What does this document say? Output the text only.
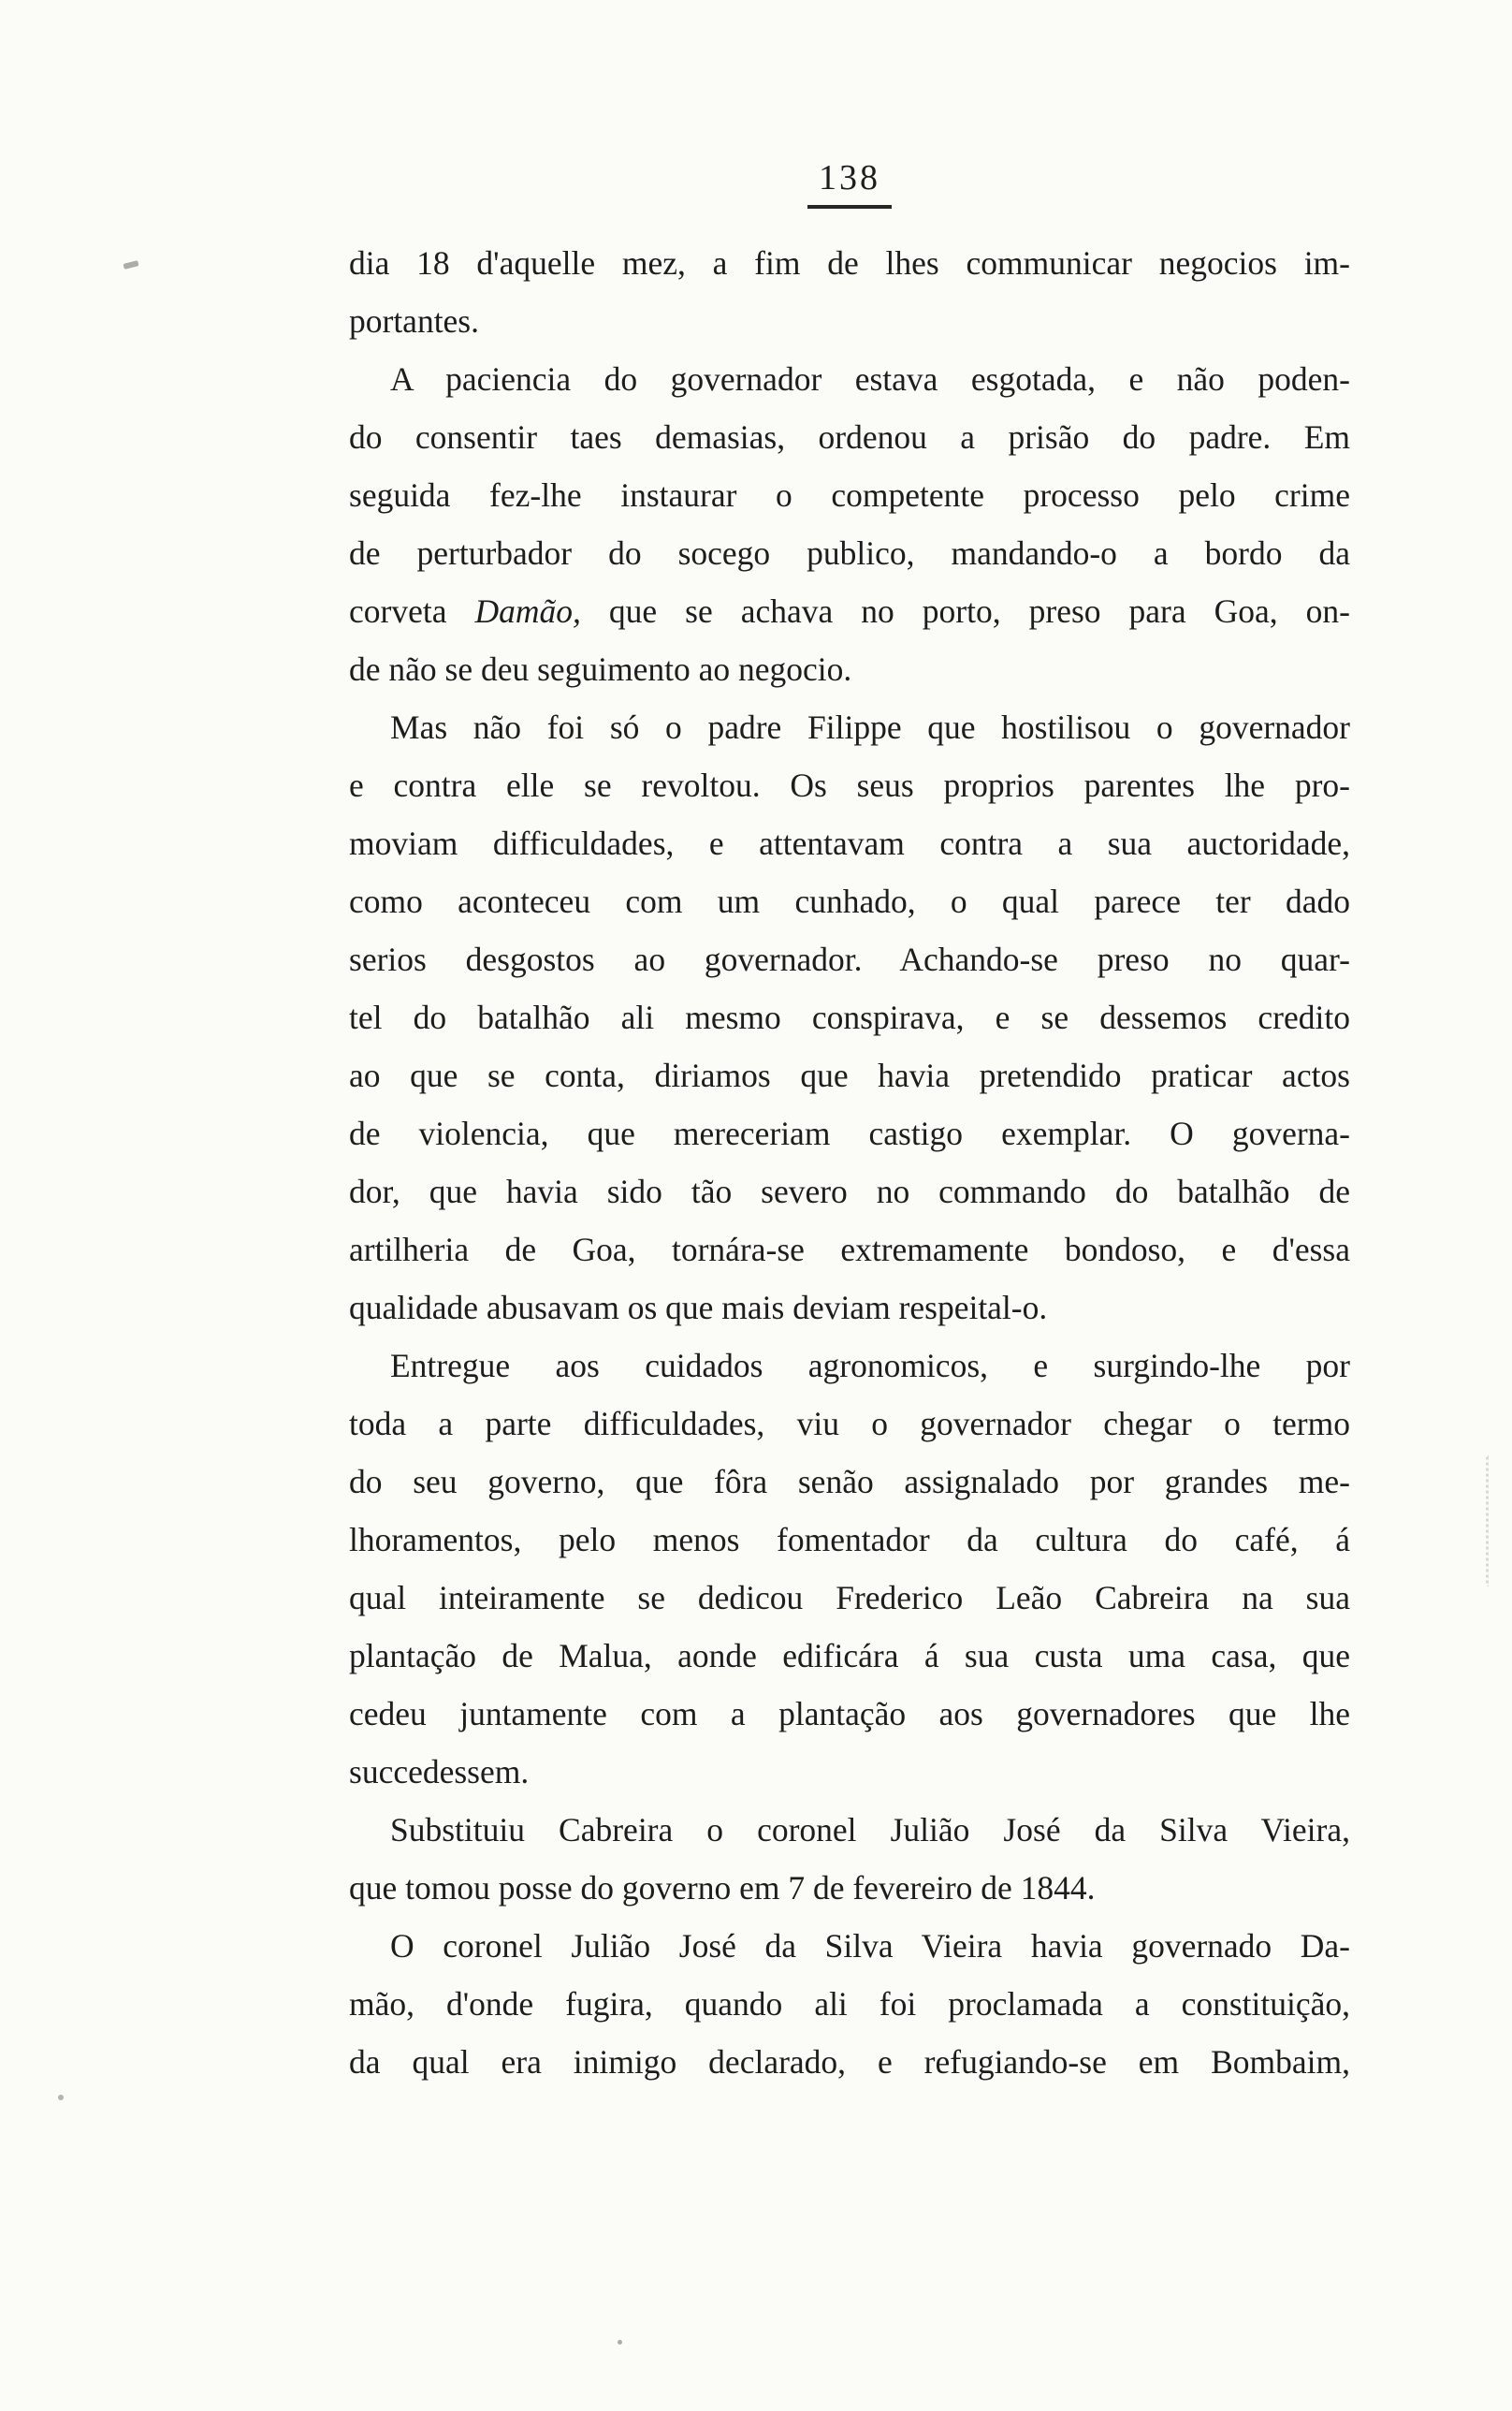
138
dia 18 d'aquelle mez, a fim de lhes communicar negocios im-
portantes.
A paciencia do governador estava esgotada, e não poden-
do consentir taes demasias, ordenou a prisão do padre. Em
seguida fez-lhe instaurar o competente processo pelo crime
de perturbador do socego publico, mandando-o a bordo da
corveta Damão, que se achava no porto, preso para Goa, on-
de não se deu seguimento ao negocio.
Mas não foi só o padre Filippe que hostilisou o governador
e contra elle se revoltou. Os seus proprios parentes lhe pro-
moviam difficuldades, e attentavam contra a sua auctoridade,
como aconteceu com um cunhado, o qual parece ter dado
serios desgostos ao governador. Achando-se preso no quar-
tel do batalhão ali mesmo conspirava, e se dessemos credito
ao que se conta, diriamos que havia pretendido praticar actos
de violencia, que mereceriam castigo exemplar. O governa-
dor, que havia sido tão severo no commando do batalhão de
artilheria de Goa, tornára-se extremamente bondoso, e d'essa
qualidade abusavam os que mais deviam respeital-o.
Entregue aos cuidados agronomicos, e surgindo-lhe por
toda a parte difficuldades, viu o governador chegar o termo
do seu governo, que fôra senão assignalado por grandes me-
lhoramentos, pelo menos fomentador da cultura do café, á
qual inteiramente se dedicou Frederico Leão Cabreira na sua
plantação de Malua, aonde edificára á sua custa uma casa, que
cedeu juntamente com a plantação aos governadores que lhe
succedessem.
Substituiu Cabreira o coronel Julião José da Silva Vieira,
que tomou posse do governo em 7 de fevereiro de 1844.
O coronel Julião José da Silva Vieira havia governado Da-
mão, d'onde fugira, quando ali foi proclamada a constituição,
da qual era inimigo declarado, e refugiando-se em Bombaim,
